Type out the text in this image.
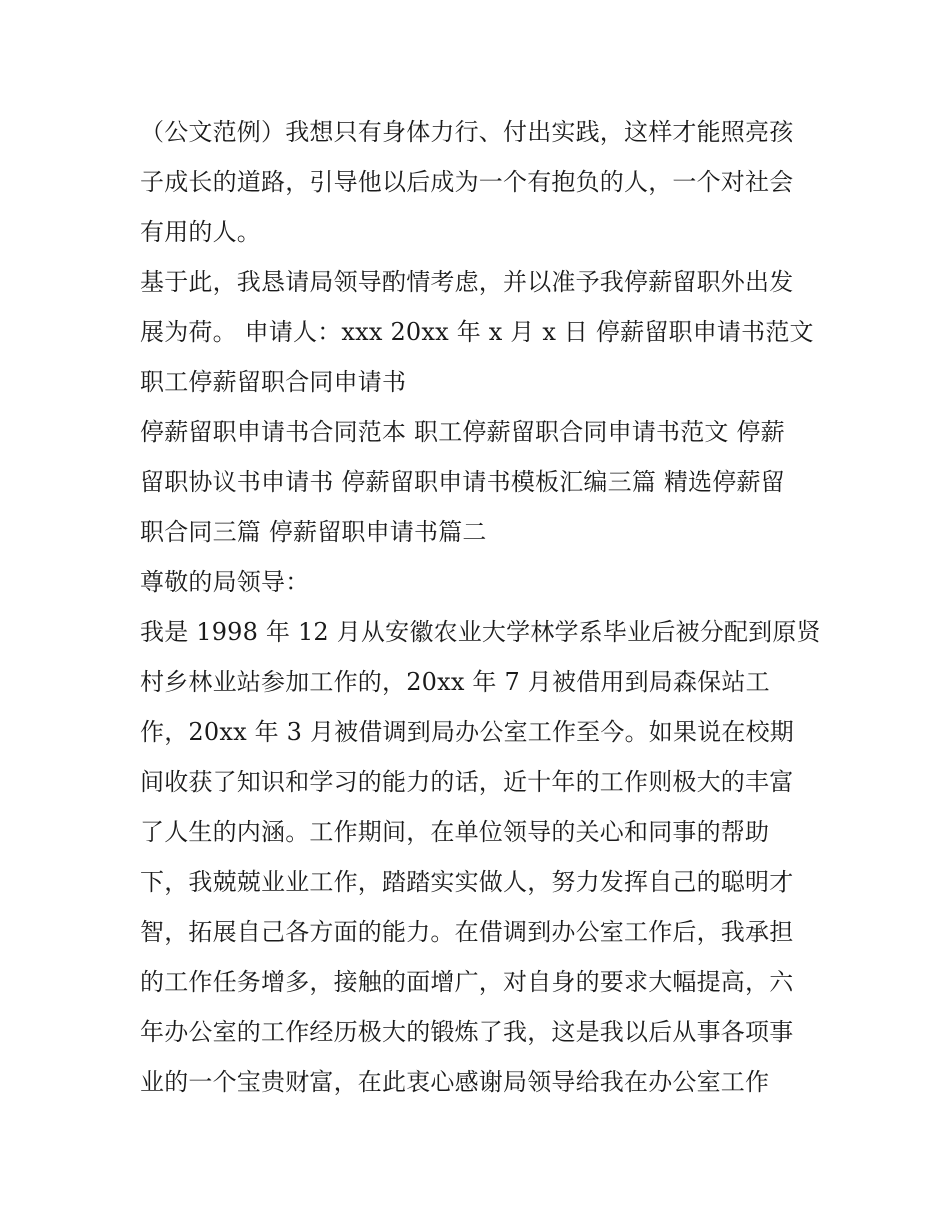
（公文范例）我想只有身体力行、付出实践，这样才能照亮孩
子成长的道路，引导他以后成为一个有抱负的人，一个对社会
有用的人。
基于此，我恳请局领导酌情考虑，并以准予我停薪留职外出发
展为荷。 申请人：xxx 20xx 年 x 月 x 日 停薪留职申请书范文
职工停薪留职合同申请书
停薪留职申请书合同范本 职工停薪留职合同申请书范文 停薪
留职协议书申请书 停薪留职申请书模板汇编三篇 精选停薪留
职合同三篇 停薪留职申请书篇二
尊敬的局领导：
我是 1998 年 12 月从安徽农业大学林学系毕业后被分配到原贤
村乡林业站参加工作的，20xx 年 7 月被借用到局森保站工
作，20xx 年 3 月被借调到局办公室工作至今。如果说在校期
间收获了知识和学习的能力的话，近十年的工作则极大的丰富
了人生的内涵。工作期间，在单位领导的关心和同事的帮助
下，我兢兢业业工作，踏踏实实做人，努力发挥自己的聪明才
智，拓展自己各方面的能力。在借调到办公室工作后，我承担
的工作任务增多，接触的面增广，对自身的要求大幅提高，六
年办公室的工作经历极大的锻炼了我，这是我以后从事各项事
业的一个宝贵财富，在此衷心感谢局领导给我在办公室工作
